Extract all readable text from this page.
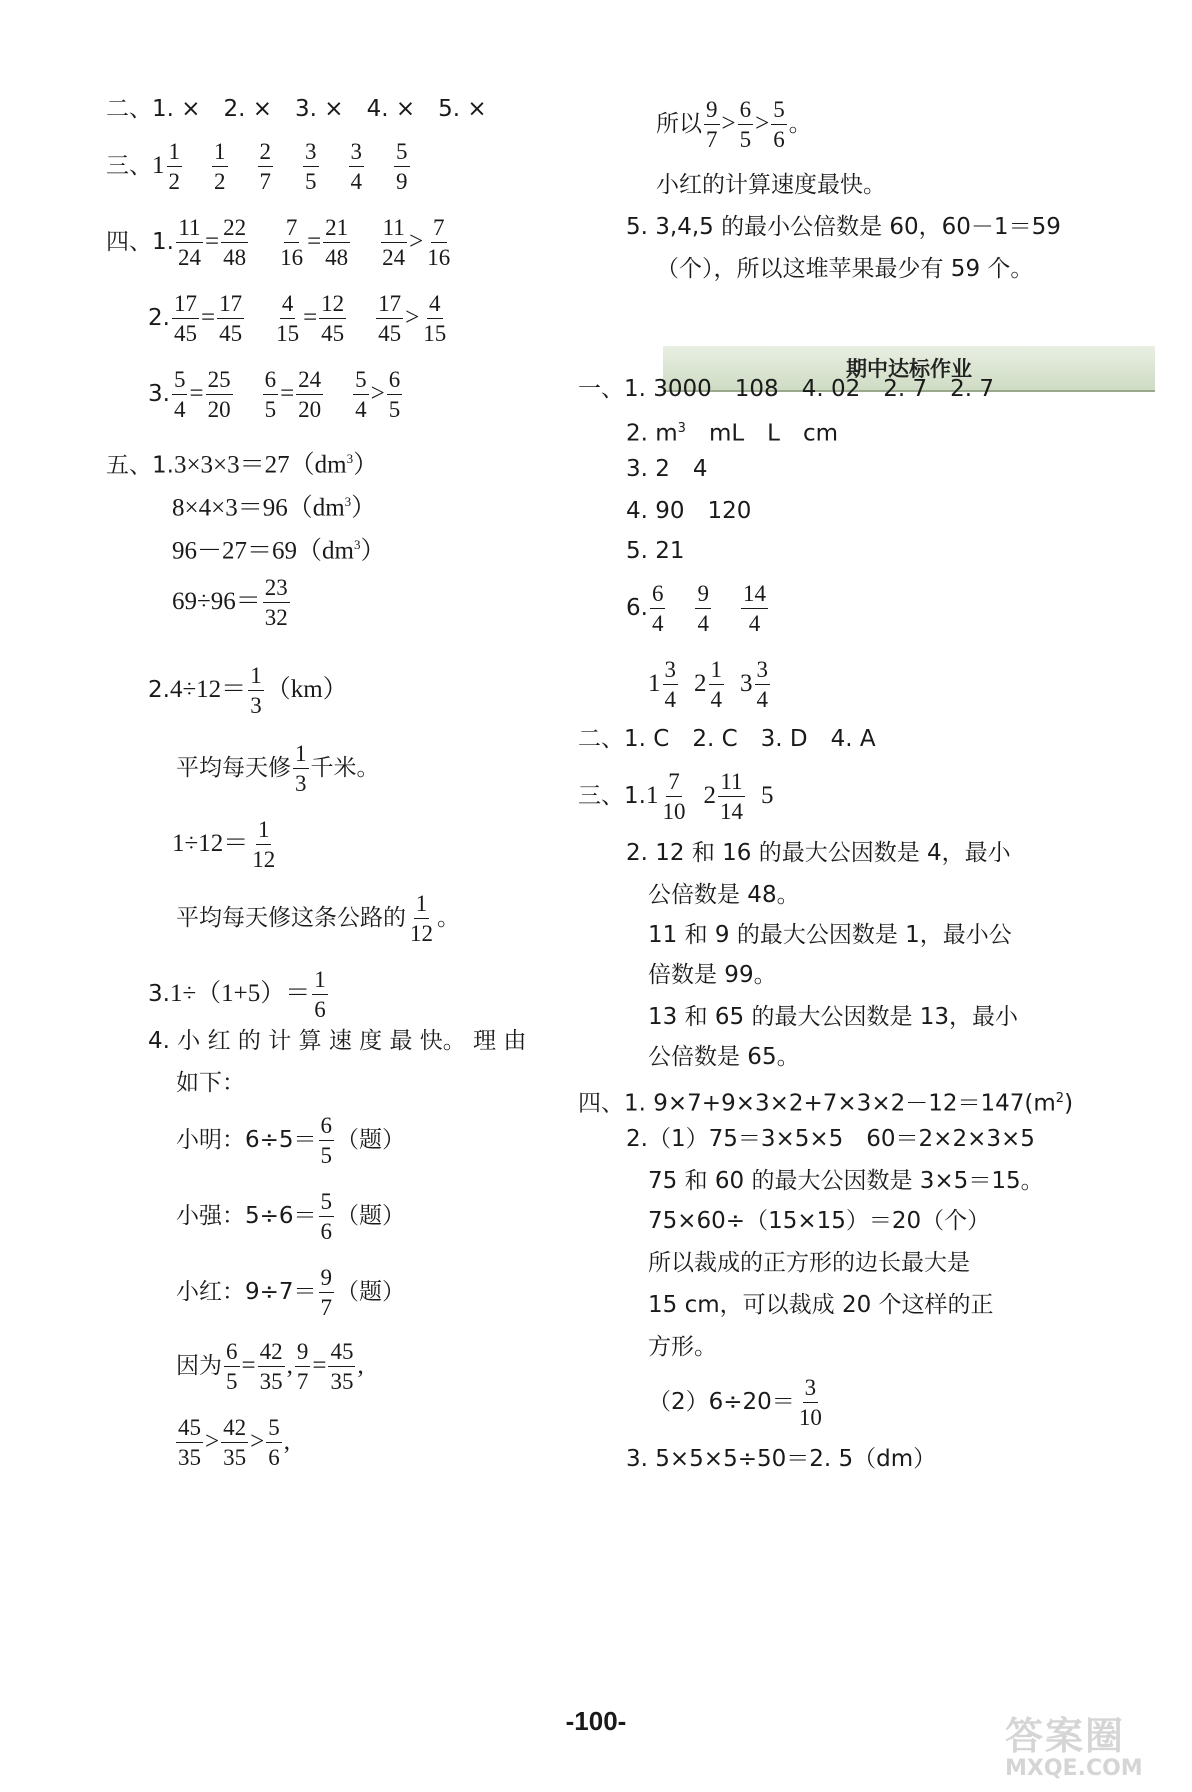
二、1. ×　2. ×　3. ×　4. ×　5. ×
三、 $1 \frac{1}{2} \frac{1}{2} \frac{2}{7} \frac{3}{5} \frac{3}{4} \frac{5}{9}$
四、1. $\frac{11}{24} = \frac{22}{48} \frac{7}{16} = \frac{21}{48} \frac{11}{24} > \frac{7}{16}$
2. $\frac{17}{45} = \frac{17}{45} \frac{4}{15} = \frac{12}{45} \frac{17}{45} > \frac{4}{15}$
3. $\frac{5}{4} = \frac{25}{20} \frac{6}{5} = \frac{24}{20} \frac{5}{4} > \frac{6}{5}$
五、$1.3\times 3\times 3=27(dm^3)$
$8\times 4\times 3=96(dm^3)$
$96-27=69(dm^3)$
$69\div 96= \frac{23}{32}$
2. $4\div 12= \frac{1}{3} (km)$
平均每天修 $\frac{1}{3}$ 千米。
$1\div 12= \frac{1}{12}$
平均每天修这条公路的 $\frac{1}{12}$ 。
3. $1\div(1+5)= \frac{1}{6}$
4. 小 红 的 计 算 速 度 最 快。 理 由
如下：
小明：$6\div 5= \frac{6}{5}$ （题）
小强：$5\div 6= \frac{5}{6}$ （题）
小红：$9\div 7= \frac{9}{7}$ （题）
因为 $\frac{6}{5} = \frac{42}{35}$ , $\frac{9}{7} = \frac{45}{35}$ ,
$\frac{45}{35} > \frac{42}{35} > \frac{5}{6}$ ,
所以 $\frac{9}{7} > \frac{6}{5} > \frac{5}{6}$ 。
小红的计算速度最快。
5. 3,4,5 的最小公倍数是 60，60－1＝59
（个），所以这堆苹果最少有 59 个。
期中达标作业
一、1. 3000　108　4. 02　2. 7　2. 7
2. $m^3$　mL　L　cm
3. 2　4
4. 90　120
5. 21
6. $\frac{6}{4} \frac{9}{4} \frac{14}{4}$
$1 \frac{3}{4} 2 \frac{1}{4} 3 \frac{3}{4}$
二、1. C　2. C　3. D　4. A
三、1. $1 \frac{7}{10} 2 \frac{11}{14} 5$
2. 12 和 16 的最大公因数是 4，最小
公倍数是 48。
11 和 9 的最大公因数是 1，最小公
倍数是 99。
13 和 65 的最大公因数是 13，最小
公倍数是 65。
四、1. $9\times 7+9\times 3\times 2+7\times 3\times 2-12=147(m^2)$
2.（1）75＝3×5×5　60＝2×2×3×5
75 和 60 的最大公因数是 3×5＝15。
75×60÷（15×15）＝20（个）
所以裁成的正方形的边长最大是
15 cm，可以裁成 20 个这样的正
方形。
$(2)6\div 20= \frac{3}{10}$
3. 5×5×5÷50＝2. 5（dm）
-100-	答案圈
MXQE.COM
